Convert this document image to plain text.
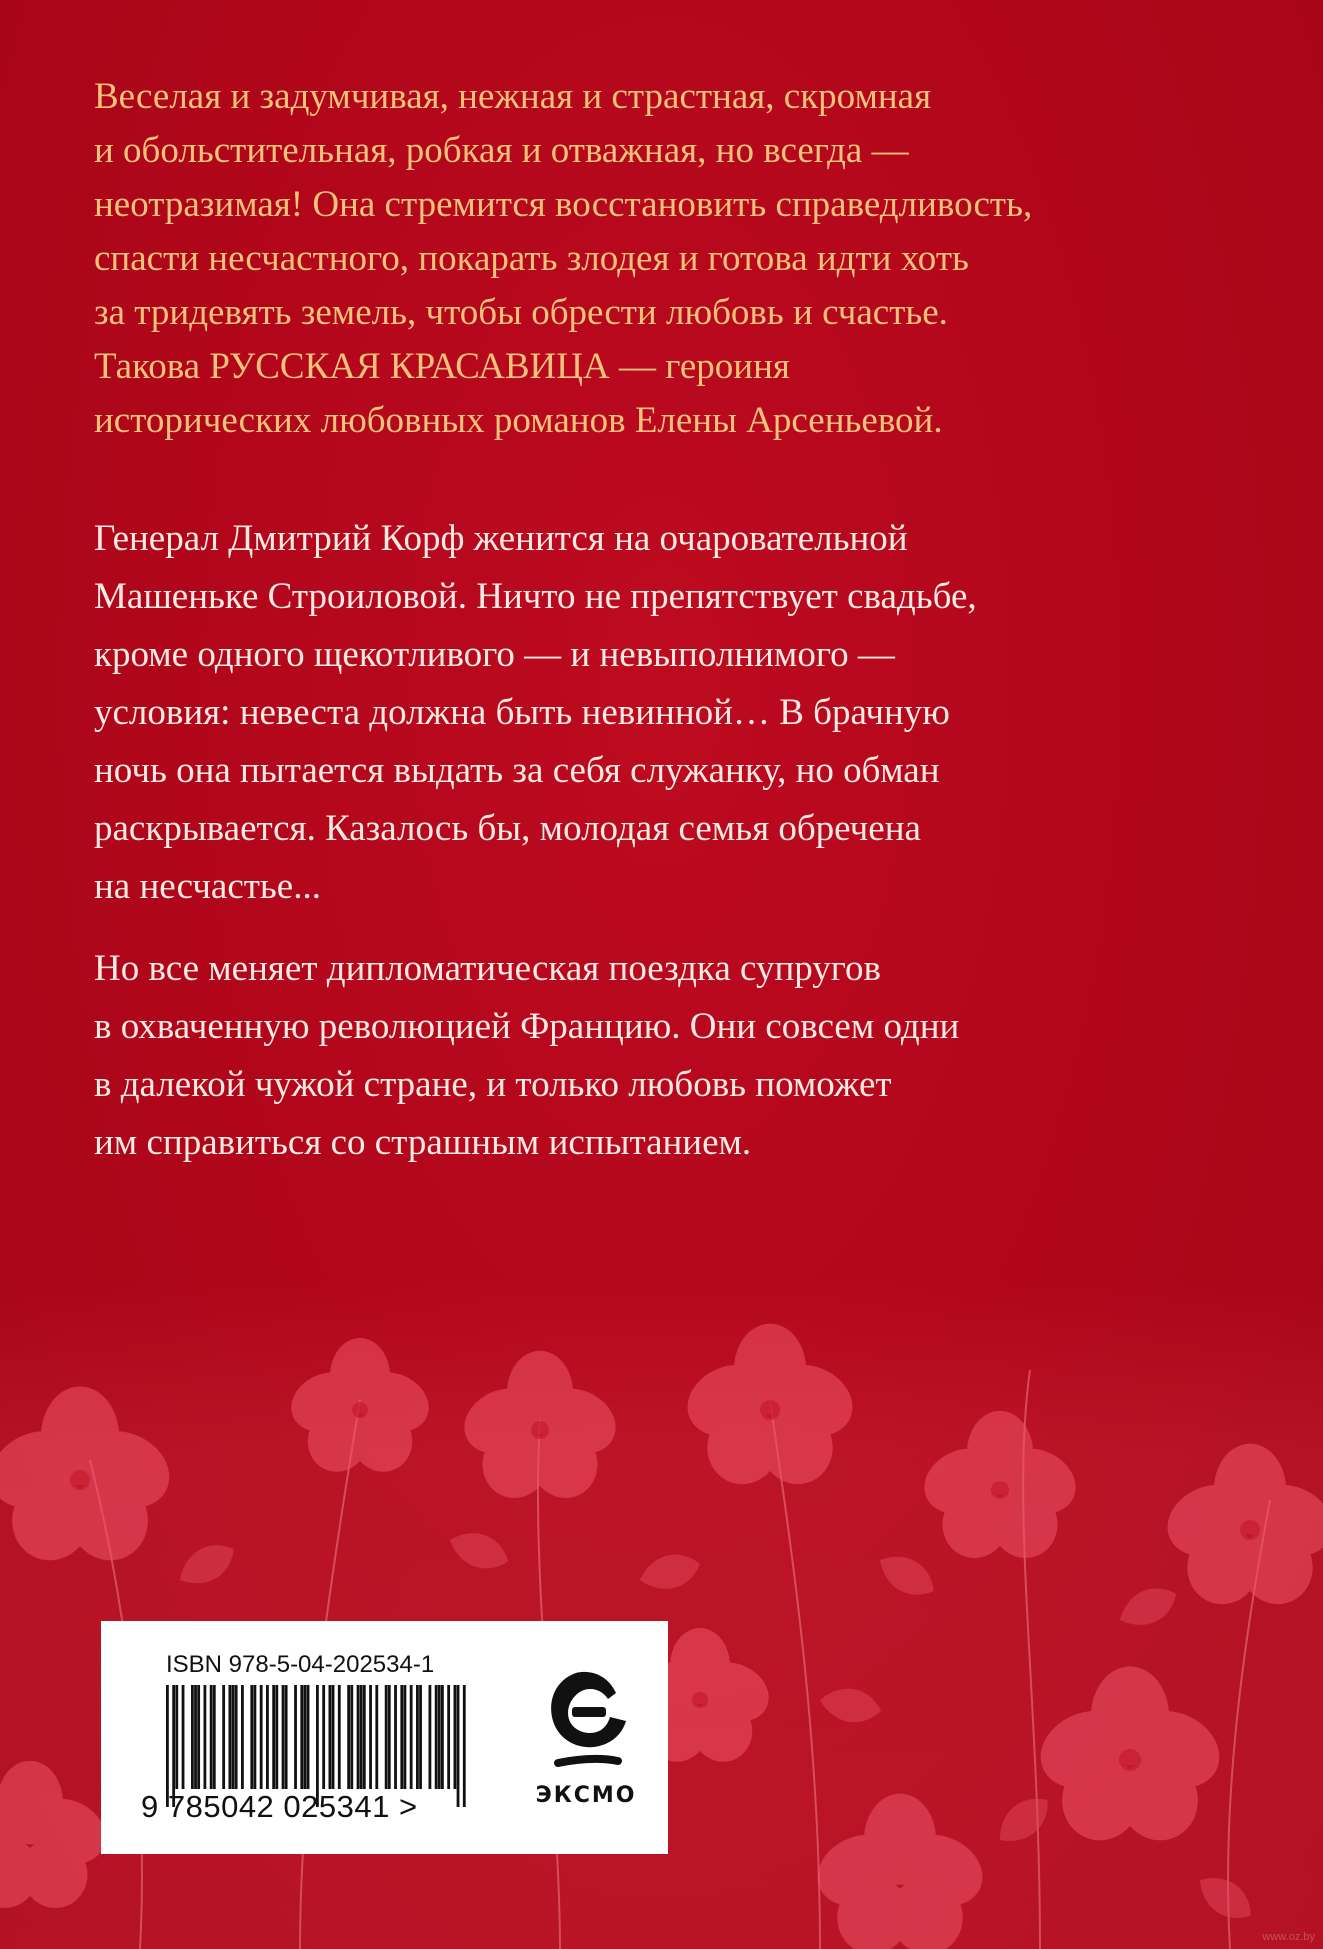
Веселая и задумчивая, нежная и страстная, скромная
и обольстительная, робкая и отважная, но всегда —
неотразимая! Она стремится восстановить справедливость,
спасти несчастного, покарать злодея и готова идти хоть
за тридевять земель, чтобы обрести любовь и счастье.
Такова РУССКАЯ КРАСАВИЦА — героиня
исторических любовных романов Елены Арсеньевой.

Генерал Дмитрий Корф женится на очаровательной
Машеньке Строиловой. Ничто не препятствует свадьбе,
кроме одного щекотливого — и невыполнимого —
условия: невеста должна быть невинной… В брачную
ночь она пытается выдать за себя служанку, но обман
раскрывается. Казалось бы, молодая семья обречена
на несчастье...

Но все меняет дипломатическая поездка супругов
в охваченную революцией Францию. Они совсем одни
в далекой чужой стране, и только любовь поможет
им справиться со страшным испытанием.

ISBN 978-5-04-202534-1
9 785042 025341 >	ЭКСМО
www.oz.by
